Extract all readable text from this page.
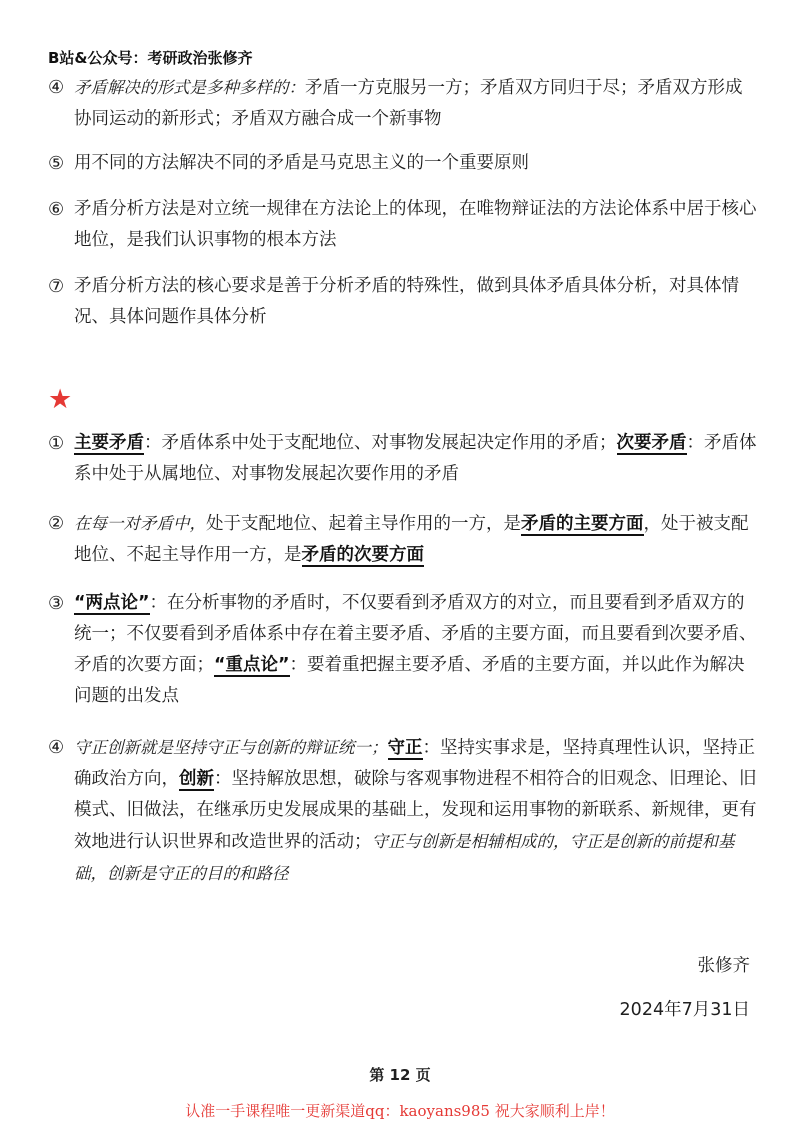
B站&公众号：考研政治张修齐
④ 矛盾解决的形式是多种多样的：矛盾一方克服另一方；矛盾双方同归于尽；矛盾双方形成协同运动的新形式；矛盾双方融合成一个新事物
⑤ 用不同的方法解决不同的矛盾是马克思主义的一个重要原则
⑥ 矛盾分析方法是对立统一规律在方法论上的体现，在唯物辩证法的方法论体系中居于核心地位，是我们认识事物的根本方法
⑦ 矛盾分析方法的核心要求是善于分析矛盾的特殊性，做到具体矛盾具体分析，对具体情况、具体问题作具体分析
★
① 主要矛盾：矛盾体系中处于支配地位、对事物发展起决定作用的矛盾；次要矛盾：矛盾体系中处于从属地位、对事物发展起次要作用的矛盾
② 在每一对矛盾中，处于支配地位、起着主导作用的一方，是矛盾的主要方面，处于被支配地位、不起主导作用一方，是矛盾的次要方面
③ “两点论”：在分析事物的矛盾时，不仅要看到矛盾双方的对立，而且要看到矛盾双方的统一；不仅要看到矛盾体系中存在着主要矛盾、矛盾的主要方面，而且要看到次要矛盾、矛盾的次要方面；“重点论”：要着重把握主要矛盾、矛盾的主要方面，并以此作为解决问题的出发点
④ 守正创新就是坚持守正与创新的辩证统一；守正：坚持实事求是，坚持真理性认识，坚持正确政治方向，创新：坚持解放思想，破除与客观事物进程不相符合的旧观念、旧理论、旧模式、旧做法，在继承历史发展成果的基础上，发现和运用事物的新联系、新规律，更有效地进行认识世界和改造世界的活动；守正与创新是相辅相成的，守正是创新的前提和基础，创新是守正的目的和路径
张修齐
2024年7月31日
第 12 页
认准一手课程唯一更新渠道qq：kaoyans985 祝大家顺利上岸！
